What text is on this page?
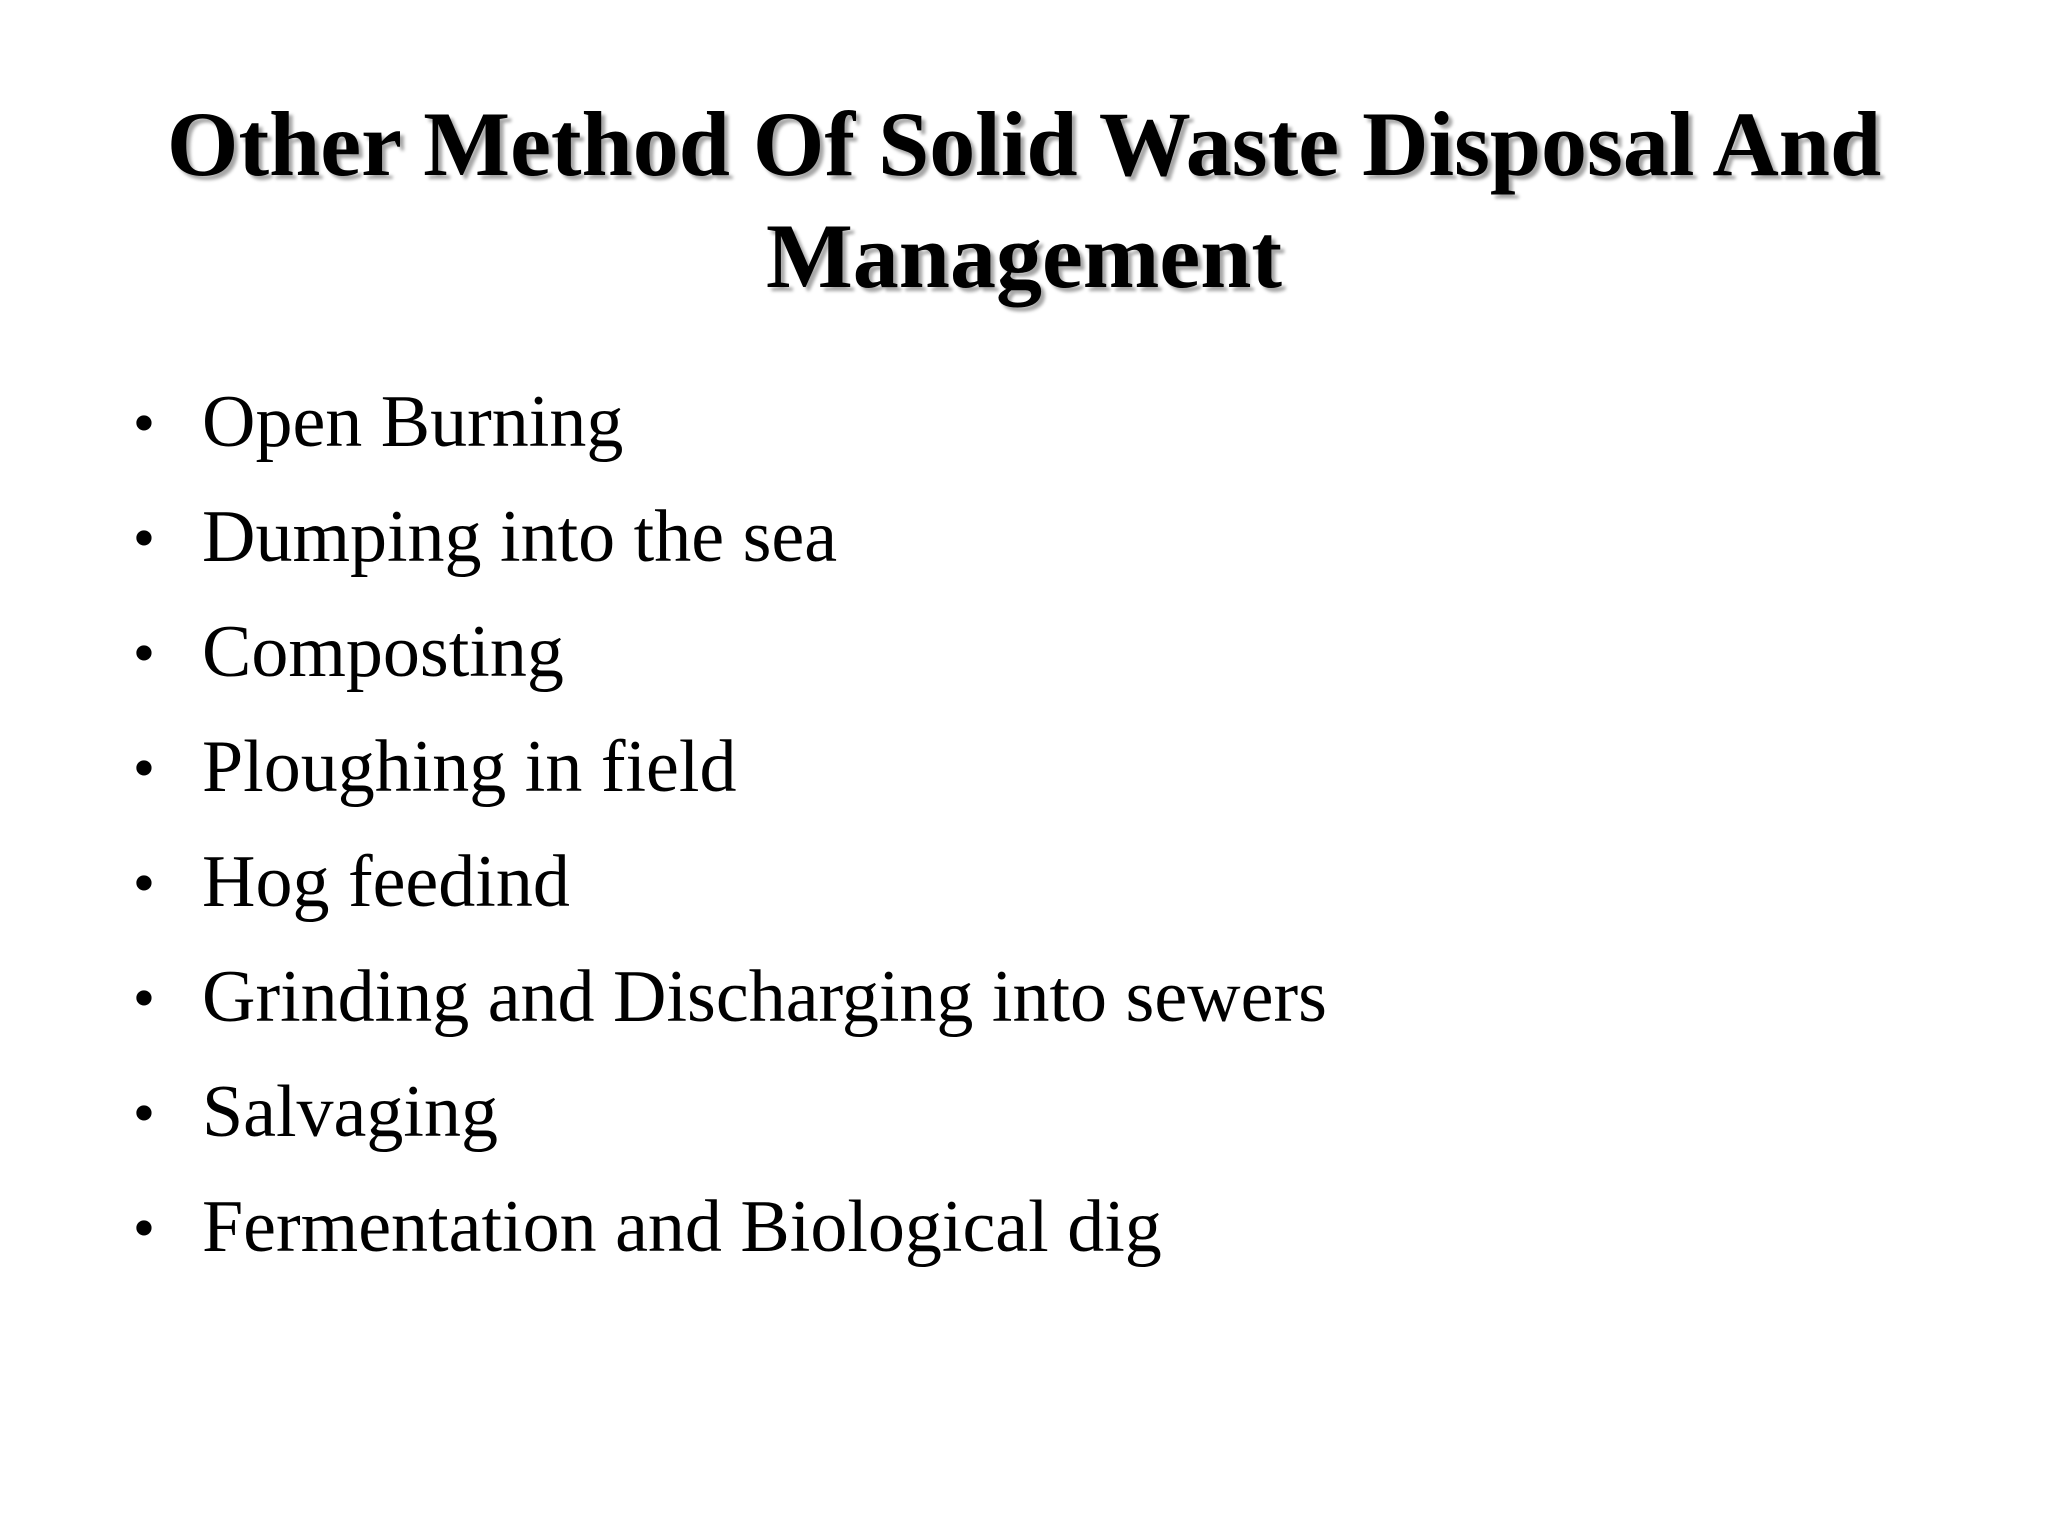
Other Method Of Solid Waste Disposal And Management
• Open Burning
• Dumping into the sea
• Composting
• Ploughing in field
• Hog feedind
• Grinding and Discharging into sewers
• Salvaging
• Fermentation and Biological dig
